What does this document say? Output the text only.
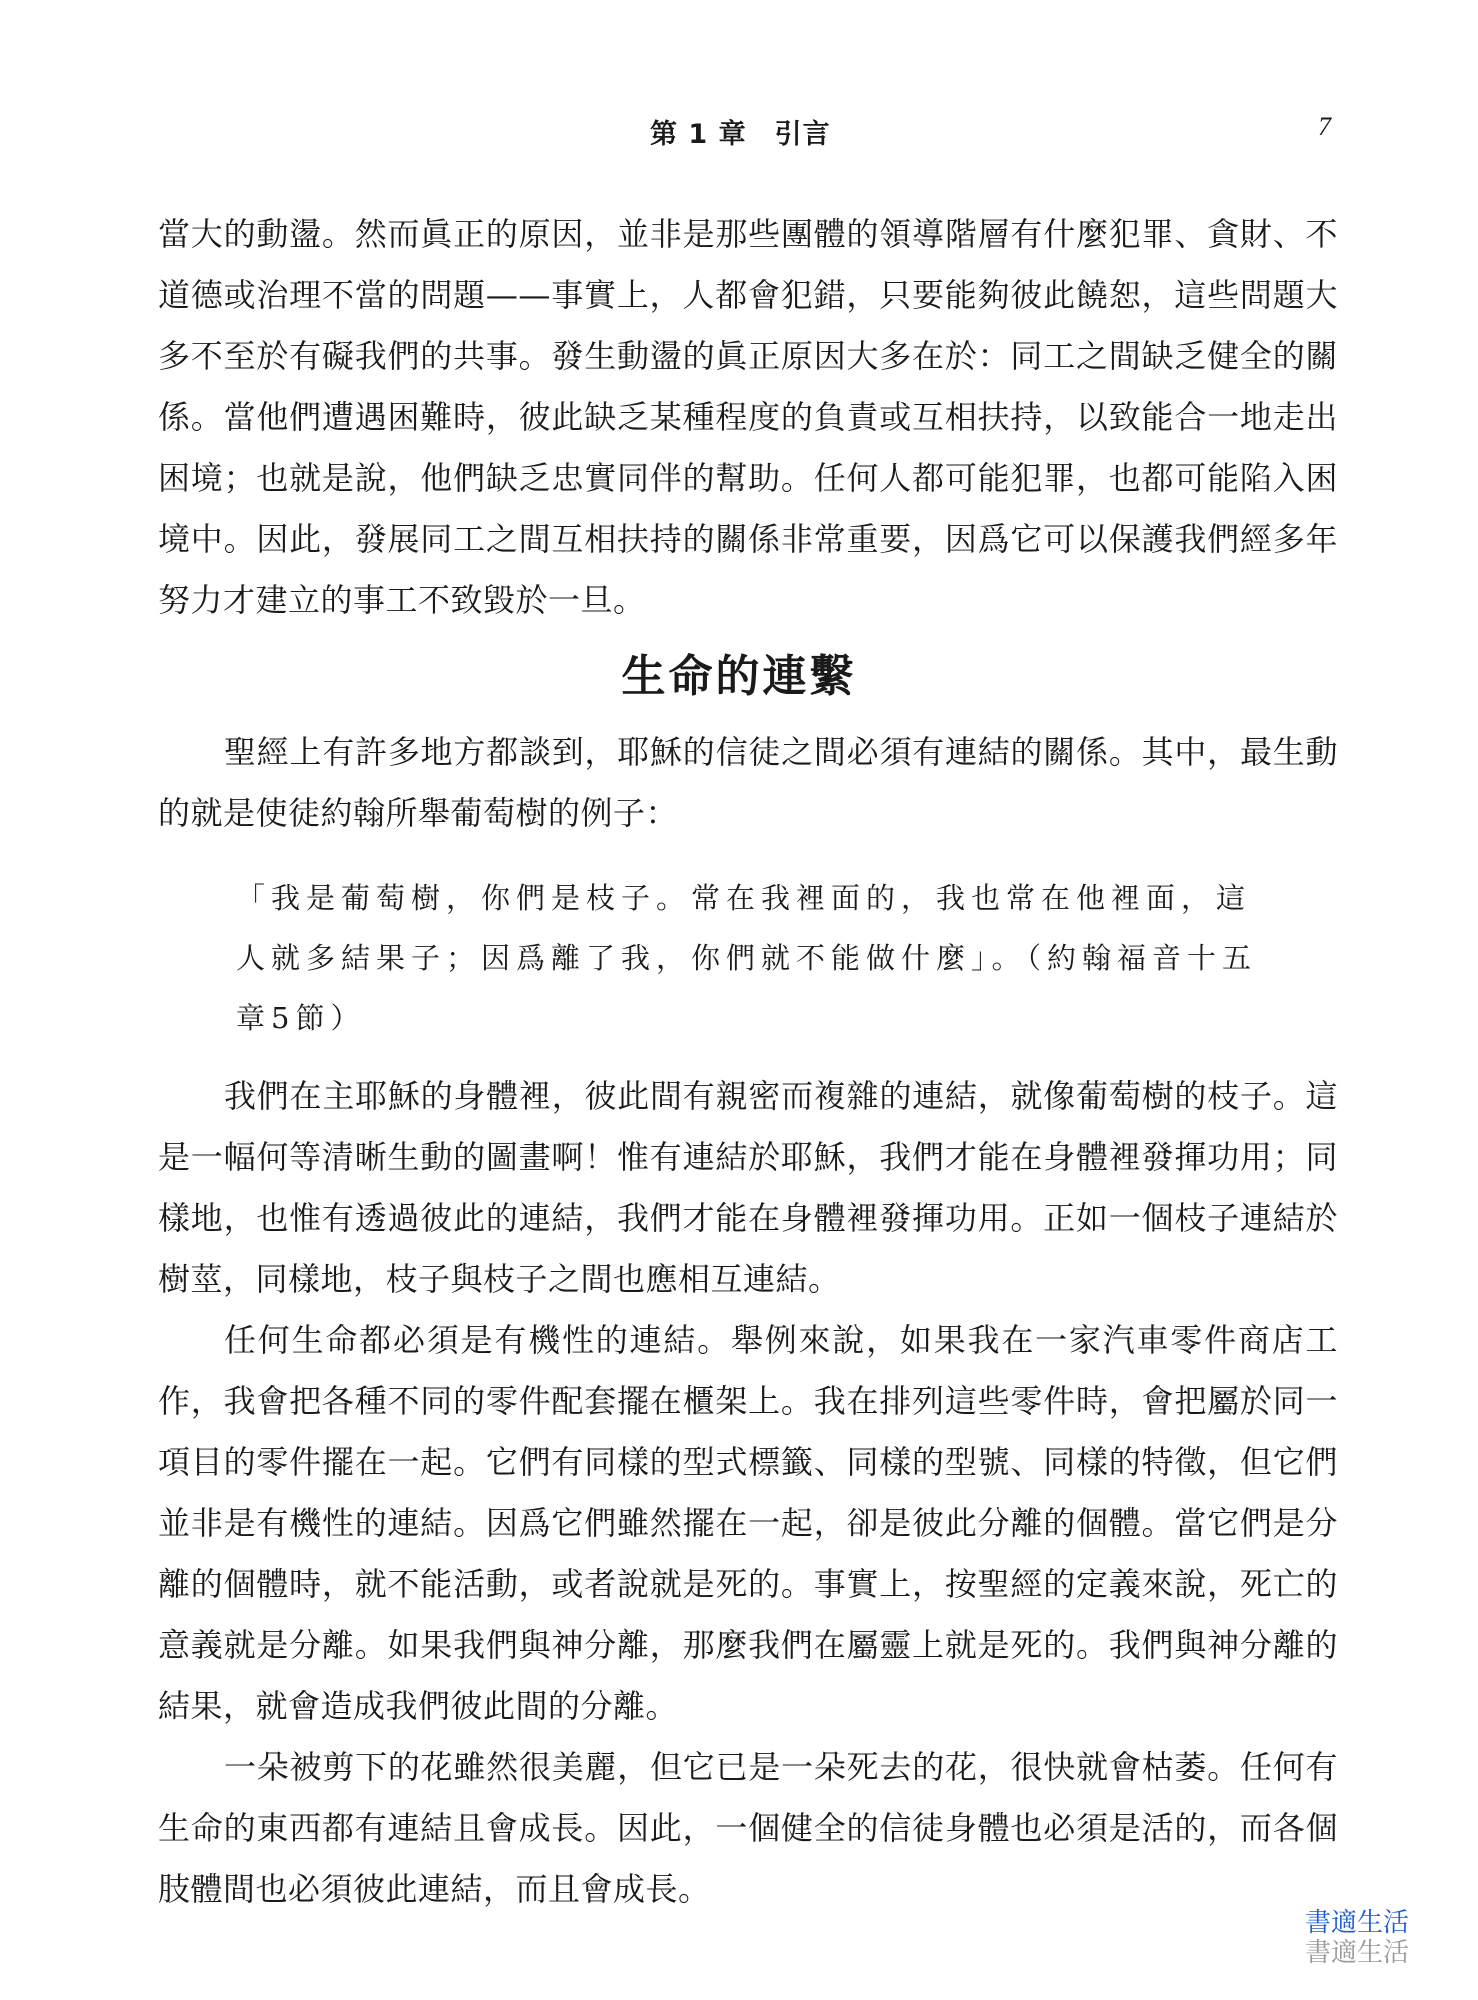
第 1 章　引言	7

當大的動盪。然而眞正的原因，並非是那些團體的領導階層有什麼犯罪、貪財、不道德或治理不當的問題——事實上，人都會犯錯，只要能夠彼此饒恕，這些問題大多不至於有礙我們的共事。發生動盪的眞正原因大多在於：同工之間缺乏健全的關係。當他們遭遇困難時，彼此缺乏某種程度的負責或互相扶持，以致能合一地走出困境；也就是說，他們缺乏忠實同伴的幫助。任何人都可能犯罪，也都可能陷入困境中。因此，發展同工之間互相扶持的關係非常重要，因爲它可以保護我們經多年努力才建立的事工不致毀於一旦。

生命的連繫

聖經上有許多地方都談到，耶穌的信徒之間必須有連結的關係。其中，最生動的就是使徒約翰所舉葡萄樹的例子：

「我是葡萄樹，你們是枝子。常在我裡面的，我也常在他裡面，這人就多結果子；因爲離了我，你們就不能做什麼」。（約翰福音十五章5節）

我們在主耶穌的身體裡，彼此間有親密而複雜的連結，就像葡萄樹的枝子。這是一幅何等清晰生動的圖畫啊！惟有連結於耶穌，我們才能在身體裡發揮功用；同樣地，也惟有透過彼此的連結，我們才能在身體裡發揮功用。正如一個枝子連結於樹莖，同樣地，枝子與枝子之間也應相互連結。

任何生命都必須是有機性的連結。舉例來說，如果我在一家汽車零件商店工作，我會把各種不同的零件配套擺在櫃架上。我在排列這些零件時，會把屬於同一項目的零件擺在一起。它們有同樣的型式標籤、同樣的型號、同樣的特徵，但它們並非是有機性的連結。因爲它們雖然擺在一起，卻是彼此分離的個體。當它們是分離的個體時，就不能活動，或者說就是死的。事實上，按聖經的定義來說，死亡的意義就是分離。如果我們與神分離，那麼我們在屬靈上就是死的。我們與神分離的結果，就會造成我們彼此間的分離。

一朵被剪下的花雖然很美麗，但它已是一朵死去的花，很快就會枯萎。任何有生命的東西都有連結且會成長。因此，一個健全的信徒身體也必須是活的，而各個肢體間也必須彼此連結，而且會成長。

書適生活
書適生活
